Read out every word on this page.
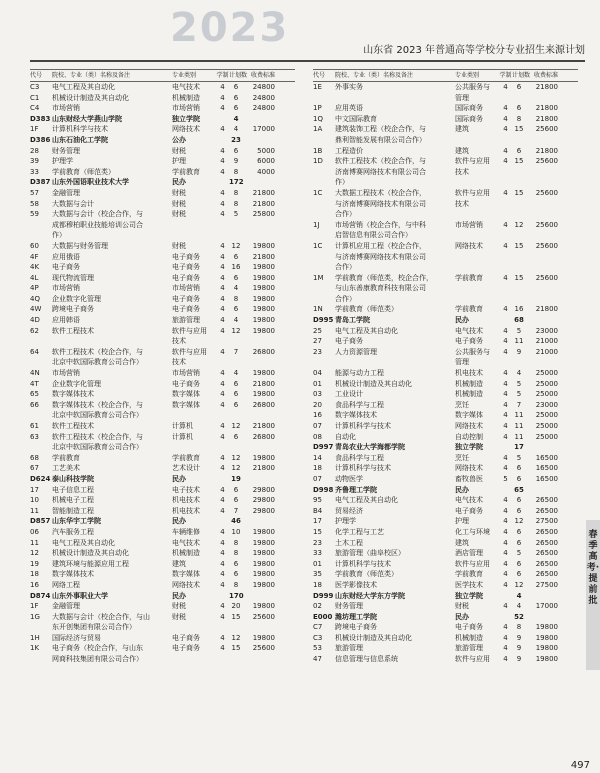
2023	山东省 2023 年普通高等学校分专业招生来源计划
代号	院校、专业（类）名称及备注	专业类别	学制 计划数 收费标准
C3	电气工程及其自动化	电气技术	4	6	24800
C1	机械设计制造及其自动化	机械制造	4	6	24800
C4	市场营销	市场营销	4	6	24800
D383 山东财经大学燕山学院	独立学院	4
1F	计算机科学与技术	网络技术	4	4	17000
D386 山东石油化工学院	公办	23
28	财务管理	财税	4	6	5000
39	护理学	护理	4	9	6000
33	学前教育（师范类）	学前教育	4	8	4000
D387 山东外国语职业技术大学	民办	172
57	金融管理	财税	4	8	21800
58	大数据与会计	财税	4	8	21800
59	大数据与会计（校企合作，与	财税	4	5	25800
成都穆柏职业技能培训公司合
作）
60	大数据与财务管理	财税	4 12	19800
4F	应用俄语	电子商务	4	6	21800
4K	电子商务	电子商务	4 16	19800
4L	现代物流管理	电子商务	4	6	19800
4P	市场营销	市场营销	4	4	19800
4Q	企业数字化管理	电子商务	4	8	19800
4W	跨境电子商务	电子商务	4	6	19800
4D	应用韩语	旅游管理	4	4	19800
62	软件工程技术	软件与应用	4 12	19800
技术
64	软件工程技术（校企合作，与	软件与应用	4	7	26800
北京中软国际教育公司合作）	技术
4N	市场营销	市场营销	4	4	19800
4T	企业数字化管理	电子商务	4	6	21800
65	数字媒体技术	数字媒体	4	6	19800
66	数字媒体技术（校企合作，与	数字媒体	4	6	26800
北京中软国际教育公司合作）
61	软件工程技术	计算机	4 12	21800
63	软件工程技术（校企合作，与	计算机	4	6	26800
北京中软国际教育公司合作）
68	学前教育	学前教育	4 12	19800
67	工艺美术	艺术设计	4 12	21800
D624 泰山科技学院	民办	19
17	电子信息工程	电子技术	4	6	29800
10	机械电子工程	机电技术	4	6	29800
11	智能制造工程	机电技术	4	7	29800
D857 山东华宇工学院	民办	46
06	汽车服务工程	车辆维修	4 10	19800
11	电气工程及其自动化	电气技术	4	8	19800
12	机械设计制造及其自动化	机械制造	4	8	19800
19	建筑环境与能源应用工程	建筑	4	6	19800
18	数字媒体技术	数字媒体	4	6	19800
16	网络工程	网络技术	4	8	19800
D874 山东外事职业大学	民办	170
1F	金融管理	财税	4 20	19800
1G	大数据与会计（校企合作，与山	财税	4 15	25600
东开创集团有限公司合作）
1H	国际经济与贸易	电子商务	4 12	19800
1K	电子商务（校企合作，与山东	电子商务	4 15	25600
网商科技集团有限公司合作）
代号	院校、专业（类）名称及备注	专业类别	学制 计划数 收费标准
1E	外事实务	公共服务与	4	6	21800
管理
1P	应用英语	国际商务	4	6	21800
1Q	中文国际教育	国际商务	4	8	21800
1A	建筑装饰工程（校企合作，与	建筑	4 15	25600
鼎利智能发展有限公司合作）
1B	工程造价	建筑	4	6	21800
1D	软件工程技术（校企合作，与	软件与应用	4 15	25600
济南博赛网络技术有限公司合	技术
作）
1C	大数据工程技术（校企合作，	软件与应用	4 15	25600
与济南博赛网络技术有限公司	技术
合作）
1J	市场营销（校企合作，与中科	市场营销	4 12	25600
启智信息有限公司合作）
1C	计算机应用工程（校企合作，	网络技术	4 15	25600
与济南博赛网络技术有限公司
合作）
1M	学前教育（师范类，校企合作，	学前教育	4 15	25600
与山东善康教育科技有限公司
合作）
1N	学前教育（师范类）	学前教育	4 16	21800
D995 青岛工学院	民办	68
25	电气工程及其自动化	电气技术	4	5	23000
27	电子商务	电子商务	4 11	21000
23	人力资源管理	公共服务与	4	9	21000
管理
04	能源与动力工程	机电技术	4	4	25000
01	机械设计制造及其自动化	机械制造	4	5	25000
03	工业设计	机械制造	4	5	25000
20	食品科学与工程	烹饪	4	7	23000
16	数字媒体技术	数字媒体	4 11	25000
07	计算机科学与技术	网络技术	4 11	25000
08	自动化	自动控制	4 11	25000
D997 青岛农业大学海都学院	独立学院	17
14	食品科学与工程	烹饪	4	5	16500
18	计算机科学与技术	网络技术	4	6	16500
07	动物医学	畜牧兽医	5	6	16500
D998 齐鲁理工学院	民办	65
95	电气工程及其自动化	电气技术	4	6	26500
B4	贸易经济	电子商务	4	6	26500
17	护理学	护理	4 12	27500
15	化学工程与工艺	化工与环境	4	6	26500
23	土木工程	建筑	4	6	26500
33	旅游管理（曲阜校区）	酒店管理	4	5	26500
01	计算机科学与技术	软件与应用	4	6	26500
35	学前教育（师范类）	学前教育	4	6	26500
18	医学影像技术	医学技术	4 12	27500
D999 山东财经大学东方学院	独立学院	4
02	财务管理	财税	4	4	17000
E000 潍坊理工学院	民办	52
C7	跨境电子商务	电子商务	4	8	19800
C3	机械设计制造及其自动化	机械制造	4	9	19800
53	旅游管理	旅游管理	4	9	19800
47	信息管理与信息系统	软件与应用	4	9	19800
春季高考·提前批
497
